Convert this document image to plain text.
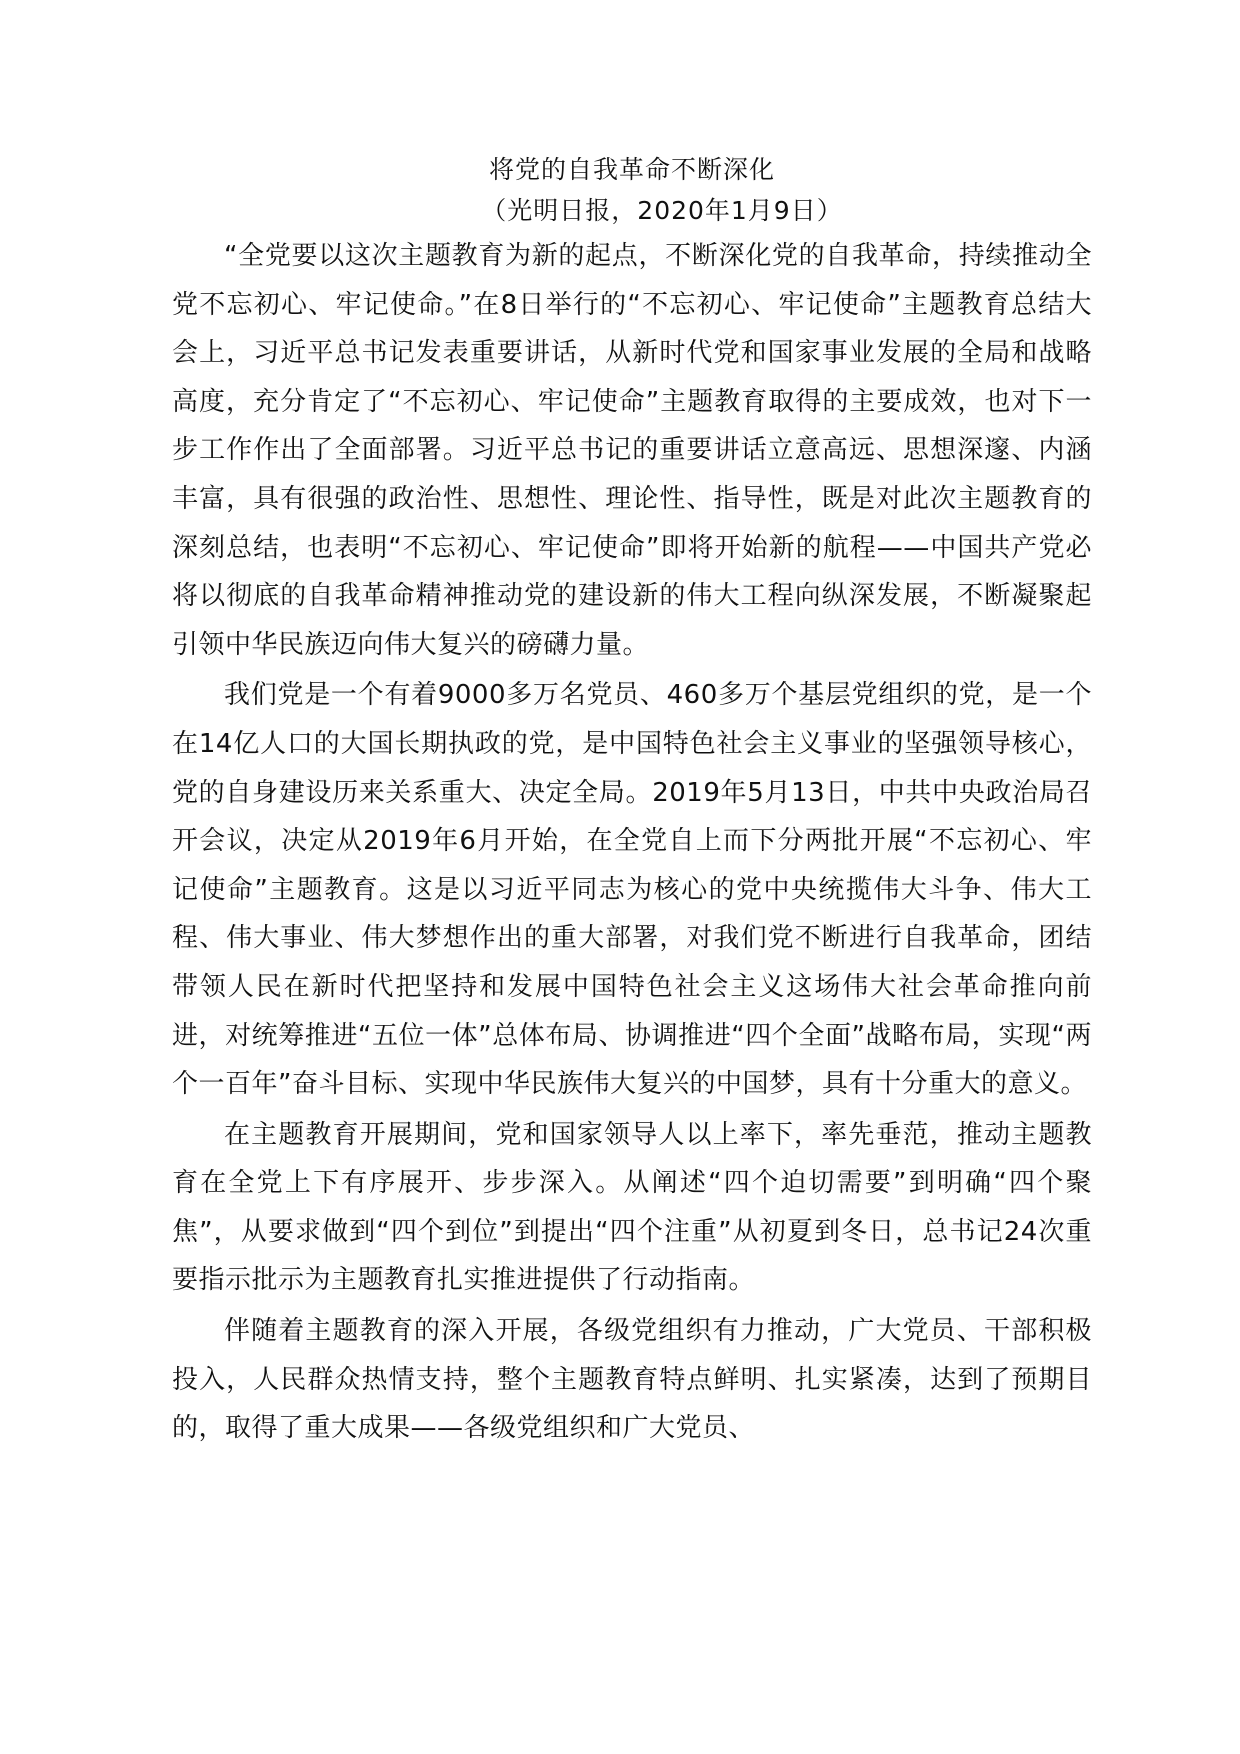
将党的自我革命不断深化

（光明日报，2020年1月9日）

“全党要以这次主题教育为新的起点，不断深化党的自我革命，持续推动全党不忘初心、牢记使命。”在8日举行的“不忘初心、牢记使命”主题教育总结大会上，习近平总书记发表重要讲话，从新时代党和国家事业发展的全局和战略高度，充分肯定了“不忘初心、牢记使命”主题教育取得的主要成效，也对下一步工作作出了全面部署。习近平总书记的重要讲话立意高远、思想深邃、内涵丰富，具有很强的政治性、思想性、理论性、指导性，既是对此次主题教育的深刻总结，也表明“不忘初心、牢记使命”即将开始新的航程——中国共产党必将以彻底的自我革命精神推动党的建设新的伟大工程向纵深发展，不断凝聚起引领中华民族迈向伟大复兴的磅礴力量。

我们党是一个有着9000多万名党员、460多万个基层党组织的党，是一个在14亿人口的大国长期执政的党，是中国特色社会主义事业的坚强领导核心，党的自身建设历来关系重大、决定全局。2019年5月13日，中共中央政治局召开会议，决定从2019年6月开始，在全党自上而下分两批开展“不忘初心、牢记使命”主题教育。这是以习近平同志为核心的党中央统揽伟大斗争、伟大工程、伟大事业、伟大梦想作出的重大部署，对我们党不断进行自我革命，团结带领人民在新时代把坚持和发展中国特色社会主义这场伟大社会革命推向前进，对统筹推进“五位一体”总体布局、协调推进“四个全面”战略布局，实现“两个一百年”奋斗目标、实现中华民族伟大复兴的中国梦，具有十分重大的意义。

在主题教育开展期间，党和国家领导人以上率下，率先垂范，推动主题教育在全党上下有序展开、步步深入。从阐述“四个迫切需要”到明确“四个聚焦”，从要求做到“四个到位”到提出“四个注重”从初夏到冬日，总书记24次重要指示批示为主题教育扎实推进提供了行动指南。

伴随着主题教育的深入开展，各级党组织有力推动，广大党员、干部积极投入，人民群众热情支持，整个主题教育特点鲜明、扎实紧凑，达到了预期目的，取得了重大成果——各级党组织和广大党员、
